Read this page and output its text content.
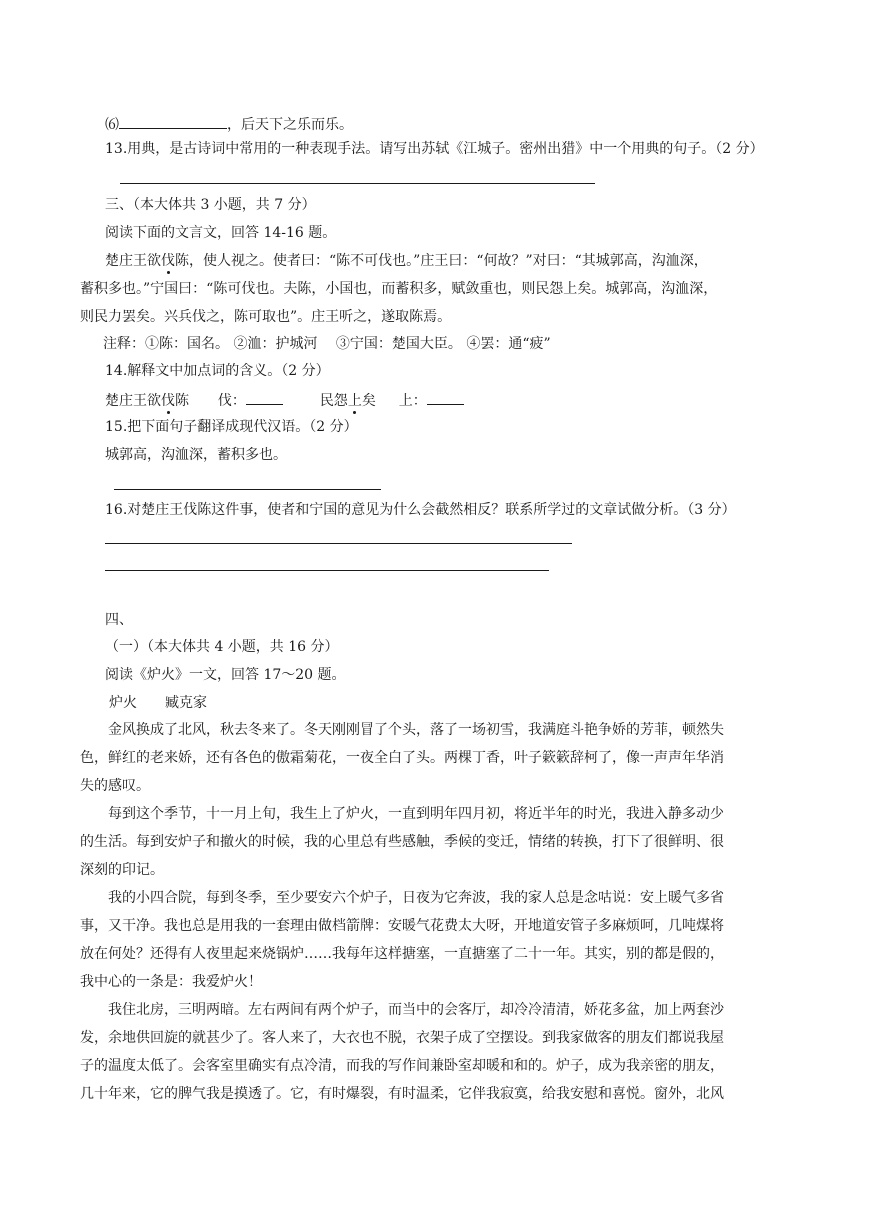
⑹	，后天下之乐而乐。
13.用典，是古诗词中常用的一种表现手法。请写出苏轼《江城子。密州出猎》中一个用典的句子。（2 分）
三、（本大体共 3 小题，共 7 分）
阅读下面的文言文，回答 14-16 题。
楚庄王欲伐陈，使人视之。使者曰：“陈不可伐也。”庄王曰：“何故？”对曰：“其城郭高，沟洫深，
蓄积多也。”宁国曰：“陈可伐也。夫陈，小国也，而蓄积多，赋敛重也，则民怨上矣。城郭高，沟洫深，
则民力罢矣。兴兵伐之，陈可取也”。庄王听之，遂取陈焉。
注释：①陈：国名。 ②洫：护城河 　③宁国：楚国大臣。 ④罢：通“疲”
14.解释文中加点词的含义。（2 分）
楚庄王欲伐陈 伐：	民怨上矣 上：
15.把下面句子翻译成现代汉语。（2 分）
城郭高，沟洫深，蓄积多也。
16.对楚庄王伐陈这件事，使者和宁国的意见为什么会截然相反？联系所学过的文章试做分析。（3 分）
四、
（一）（本大体共 4 小题，共 16 分）
阅读《炉火》一文，回答 17～20 题。
炉火 臧克家
金风换成了北风，秋去冬来了。冬天刚刚冒了个头，落了一场初雪，我满庭斗艳争娇的芳菲，顿然失
色，鲜红的老来娇，还有各色的傲霜菊花，一夜全白了头。两棵丁香，叶子簌簌辞柯了，像一声声年华消
失的感叹。
每到这个季节，十一月上旬，我生上了炉火，一直到明年四月初，将近半年的时光，我进入静多动少
的生活。每到安炉子和撤火的时候，我的心里总有些感触，季候的变迁，情绪的转换，打下了很鲜明、很
深刻的印记。
我的小四合院，每到冬季，至少要安六个炉子，日夜为它奔波，我的家人总是念咕说：安上暖气多省
事，又干净。我也总是用我的一套理由做档箭牌：安暖气花费太大呀，开地道安管子多麻烦呵，几吨煤将
放在何处？还得有人夜里起来烧锅炉……我每年这样搪塞，一直搪塞了二十一年。其实，别的都是假的，
我中心的一条是：我爱炉火！
我住北房，三明两暗。左右两间有两个炉子，而当中的会客厅，却冷冷清清，娇花多盆，加上两套沙
发，余地供回旋的就甚少了。客人来了，大衣也不脱，衣架子成了空摆设。到我家做客的朋友们都说我屋
子的温度太低了。会客室里确实有点冷清，而我的写作间兼卧室却暖和和的。炉子，成为我亲密的朋友，
几十年来，它的脾气我是摸透了。它，有时爆裂，有时温柔，它伴我寂寞，给我安慰和喜悦。窗外，北风
